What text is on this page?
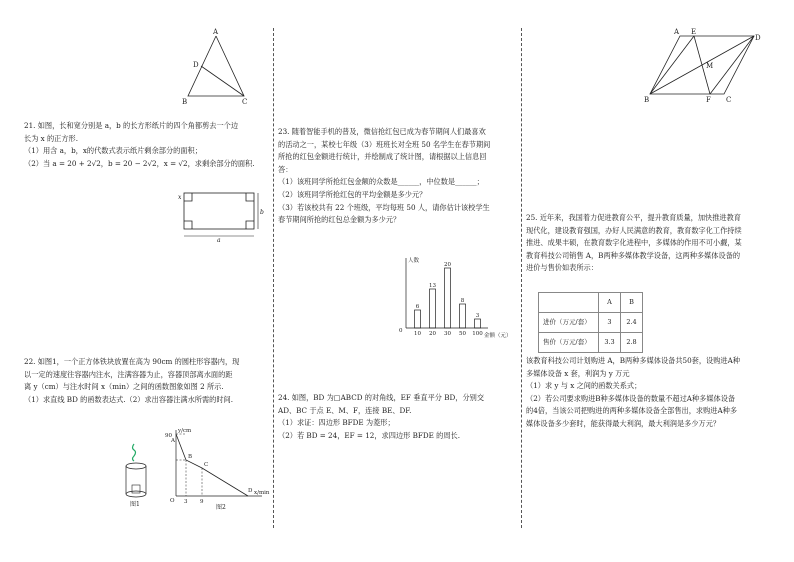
A
D
B	C

21. 如图，长和宽分别是 a，b 的长方形纸片的四个角都剪去一个边

长为 x 的正方形.

（1）用含 a，b，x的代数式表示纸片剩余部分的面积；

（2）当 a = 20 + 2√2，b = 20 − 2√2，x = √2，求剩余部分的面积.

x
b
a

22. 如图1，一个正方体铁块放置在高为 90cm 的圆柱形容器内，现

以一定的速度往容器内注水，注满容器为止，容器顶部离水面的距

离 y（cm）与注水时间 x（min）之间的函数图象如图 2 所示.

（1）求直线 BD 的函数表达式.（2）求出容器注满水所需的时间.

图1
y/cm
x/min
90
A
B
C
D
O 3 9
图2

23. 随着智能手机的普及，微信抢红包已成为春节期间人们最喜欢

的活动之一，某校七年级（3）班班长对全班 50 名学生在春节期间

所抢的红包金额进行统计，并绘制成了统计图，请根据以上信息回

答：

（1）该班同学所抢红包金额的众数是______，中位数是______；

（2）该班同学所抢红包的平均金额是多少元？

（3）若该校共有 22 个班级，平均每班 50 人，请你估计该校学生

春节期间所抢的红包总金额为多少元？

人数
金额（元）
0
6
10
13
20
20
30
8
50
3
100

24. 如图，BD 为□ABCD 的对角线，EF 垂直平分 BD，分别交

AD、BC 于点 E、M、F，连接 BE、DF.

（1）求证：四边形 BFDE 为菱形；

（2）若 BD = 24，EF = 12，求四边形 BFDE 的周长.

A E
D
M
B	F C

25. 近年来，我国着力促进教育公平，提升教育质量，加快推进教育

现代化，建设教育强国，办好人民满意的教育，教育数字化工作持续

推进、成果丰硕，在教育数字化进程中，多媒体的作用不可小觑，某

教育科技公司销售 A，B两种多媒体教学设备，这两种多媒体设备的

进价与售价如表所示：

	A	B
进价（万元/套）	3	2.4
售价（万元/套）	3.3	2.8

该教育科技公司计划购进 A，B两种多媒体设备共50套，设购进A种

多媒体设备 x 套，利润为 y 万元

（1）求 y 与 x 之间的函数关系式；

（2）若公司要求购进B种多媒体设备的数量不超过A种多媒体设备

的4倍，当该公司把购进的两种多媒体设备全部售出，求购进A种多

媒体设备多少套时，能获得最大利润，最大利润是多少万元？
